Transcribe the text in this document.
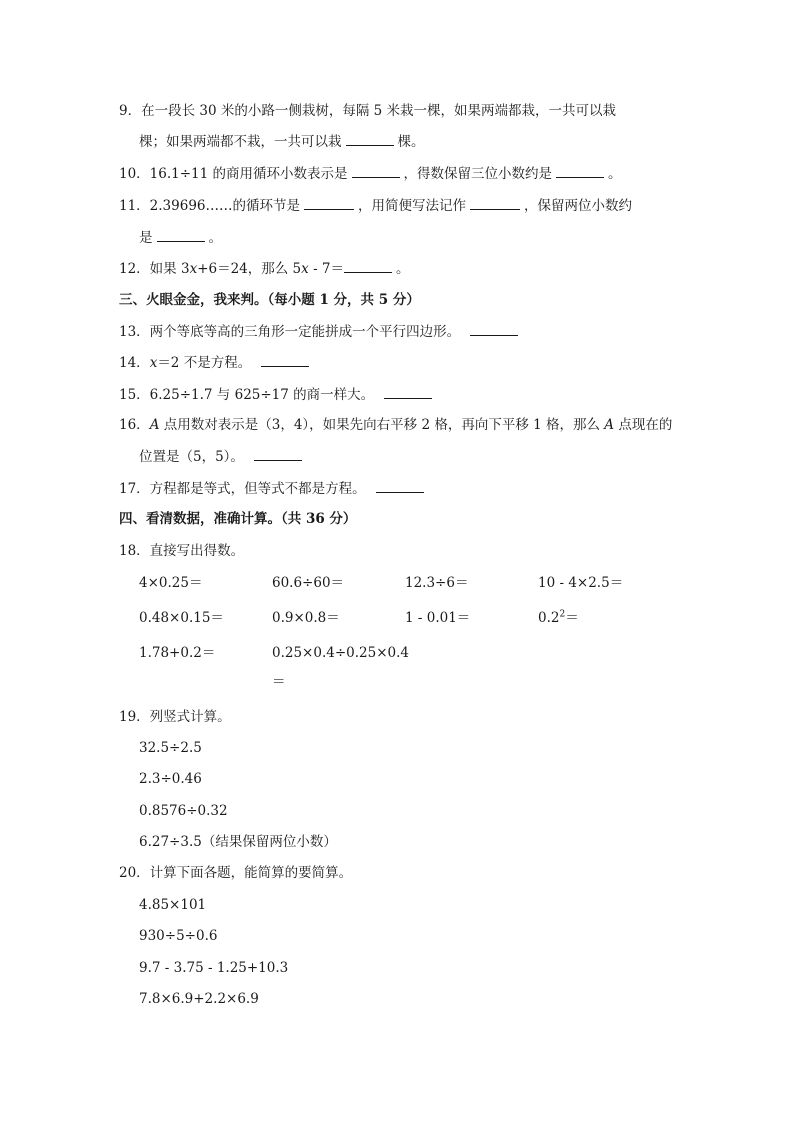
9．在一段长 30 米的小路一侧栽树，每隔 5 米栽一棵，如果两端都栽，一共可以栽
棵；如果两端都不栽，一共可以栽	棵。
10．16.1÷11 的商用循环小数表示是	，得数保留三位小数约是	。
11．2.39696……的循环节是	，用简便写法记作	，保留两位小数约
是	。
12．如果 3x+6＝24，那么 5x - 7＝	。
三、火眼金金，我来判。（每小题 1 分，共 5 分）
13．两个等底等高的三角形一定能拼成一个平行四边形。
14．x＝2 不是方程。
15．6.25÷1.7 与 625÷17 的商一样大。
16．A 点用数对表示是（3，4），如果先向右平移 2 格，再向下平移 1 格，那么 A 点现在的
位置是（5，5）。
17．方程都是等式，但等式不都是方程。
四、看清数据，准确计算。（共 36 分）
18．直接写出得数。
4×0.25＝	60.6÷60＝	12.3÷6＝	10 - 4×2.5＝
0.48×0.15＝	0.9×0.8＝	1 - 0.01＝	$0.2^2=$
1.78+0.2＝	0.25×0.4÷0.25×0.4
＝
19．列竖式计算。
32.5÷2.5
2.3÷0.46
0.8576÷0.32
6.27÷3.5（结果保留两位小数）
20．计算下面各题，能简算的要简算。
4.85×101
930÷5÷0.6
9.7 - 3.75 - 1.25+10.3
7.8×6.9+2.2×6.9
